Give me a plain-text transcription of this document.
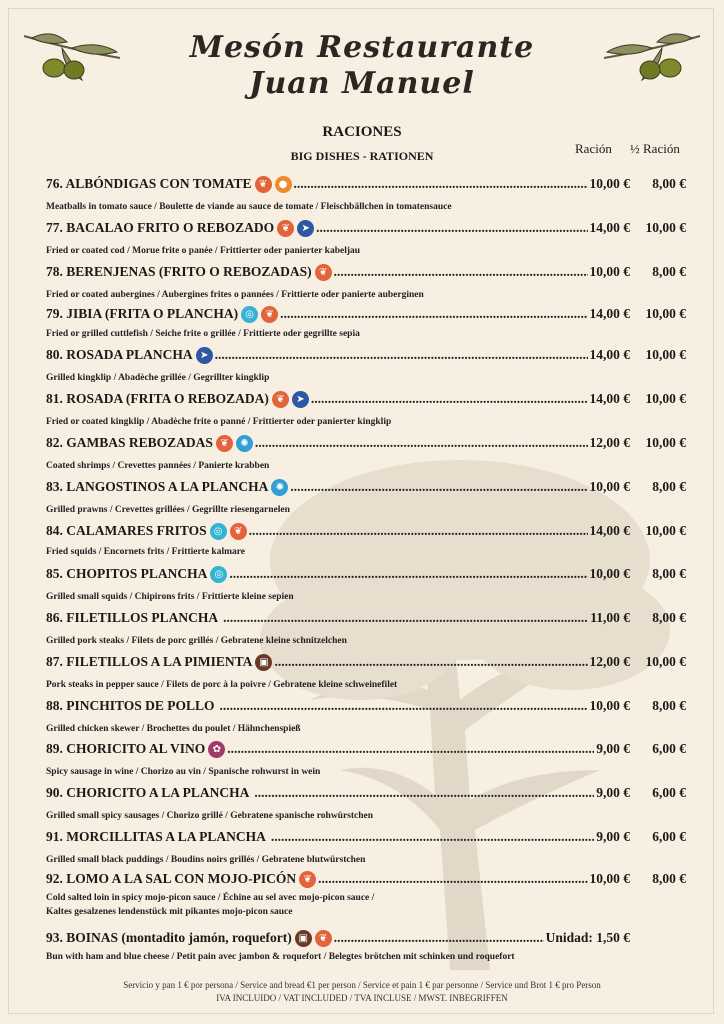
Mesón Restaurante
Juan Manuel
RACIONES
BIG DISHES - RATIONEN	Ración ½ Ración
76. ALBÓNDIGAS CON TOMATE ❦	● .....	10,00 €	8,00 €
Meatballs in tomato sauce / Boulette de viande au sauce de tomate / Fleischbällchen in tomatensauce
77. BACALAO FRITO O REBOZADO ❦	➤ .....	14,00 €	10,00 €
Fried or coated cod / Morue frite o panée / Frittierter oder panierter kabeljau
78. BERENJENAS (FRITO O REBOZADAS) ❦ .....	10,00 €	8,00 €
Fried or coated aubergines / Aubergines frites o pannées / Frittierte oder panierte auberginen
79. JIBIA (FRITA O PLANCHA) ◎	❦ .....	14,00 €	10,00 €
Fried or grilled cuttlefish / Seiche frite o grillée / Frittierte oder gegrillte sepia
80. ROSADA PLANCHA ➤ .....	14,00 €	10,00 €
Grilled kingklip / Abadèche grillée / Gegrillter kingklip
81. ROSADA (FRITA O REBOZADA) ❦	➤ .....	14,00 €	10,00 €
Fried or coated kingklip / Abadèche frite o panné / Frittierter oder panierter kingklip
82. GAMBAS REBOZADAS ❦	✺ .....	12,00 €	10,00 €
Coated shrimps / Crevettes pannées / Panierte krabben
83. LANGOSTINOS A LA PLANCHA ✺ .....	10,00 €	8,00 €
Grilled prawns / Crevettes grillées / Gegrillte riesengarnelen
84. CALAMARES FRITOS ◎	❦ .....	14,00 €	10,00 €
Fried squids / Encornets frits / Frittierte kalmare
85. CHOPITOS PLANCHA ◎ .....	10,00 €	8,00 €
Grilled small squids / Chipirons frits / Frittierte kleine sepien
86. FILETILLOS PLANCHA .....	11,00 €	8,00 €
Grilled pork steaks / Filets de porc grillés / Gebratene kleine schnitzelchen
87. FILETILLOS A LA PIMIENTA ▣ .....	12,00 €	10,00 €
Pork steaks in pepper sauce / Filets de porc à la poivre / Gebratene kleine schweinefilet
88. PINCHITOS DE POLLO .....	10,00 €	8,00 €
Grilled chicken skewer / Brochettes du poulet / Hähnchenspieß
89. CHORICITO AL VINO ✿ .....	9,00 €	6,00 €
Spicy sausage in wine / Chorizo au vin / Spanische rohwurst in wein
90. CHORICITO A LA PLANCHA .....	9,00 €	6,00 €
Grilled small spicy sausages / Chorizo grillé / Gebratene spanische rohwürstchen
91. MORCILLITAS A LA PLANCHA .....	9,00 €	6,00 €
Grilled small black puddings / Boudins noirs grillés / Gebratene blutwürstchen
92. LOMO A LA SAL CON MOJO-PICÓN ❦ .....	10,00 €	8,00 €
Cold salted loin in spicy mojo-picon sauce / Échine au sel avec mojo-picon sauce /
Kaltes gesalzenes lendenstück mit pikantes mojo-picon sauce
93. BOINAS (montadito jamón, roquefort) ▣	❦ .....	Unidad: 1,50 €
Bun with ham and blue cheese / Petit pain avec jambon & roquefort / Belegtes brötchen mit schinken und roquefort
Servicio y pan 1 € por persona / Service and bread €1 per person / Service et pain 1 € par personne / Service und Brot 1 € pro Person
IVA INCLUIDO / VAT INCLUDED / TVA INCLUSE / MWST. INBEGRIFFEN
